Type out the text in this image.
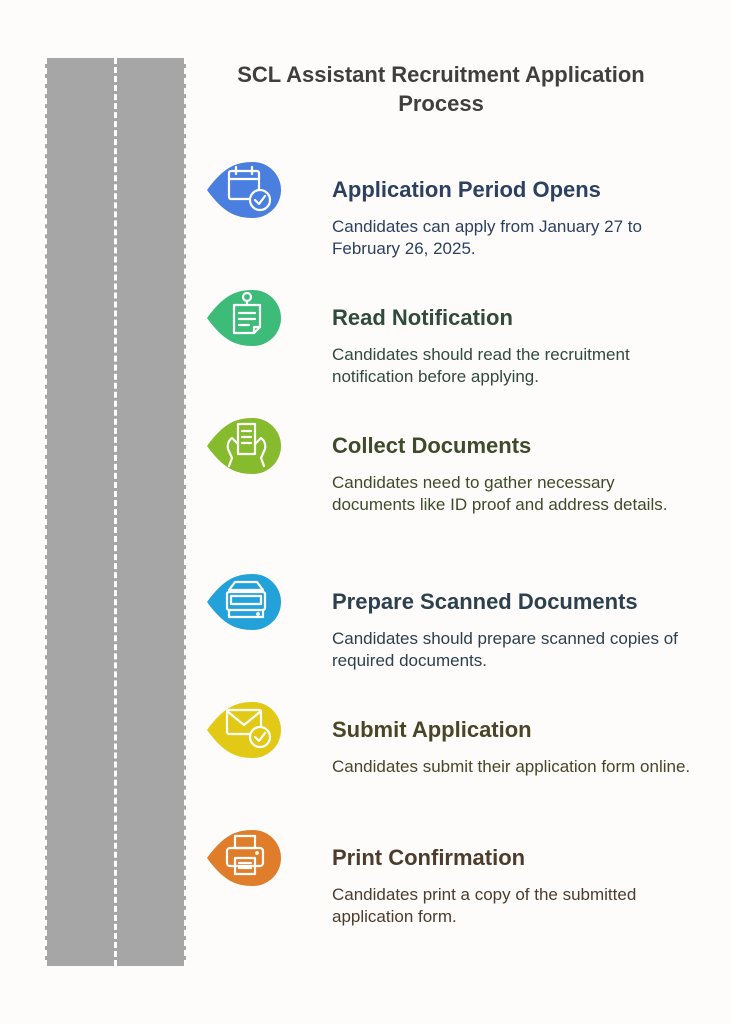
SCL Assistant Recruitment Application Process
Application Period Opens

Candidates can apply from January 27 to February 26, 2025.

Read Notification

Candidates should read the recruitment notification before applying.

Collect Documents

Candidates need to gather necessary documents like ID proof and address details.

Prepare Scanned Documents

Candidates should prepare scanned copies of required documents.

Submit Application

Candidates submit their application form online.

Print Confirmation

Candidates print a copy of the submitted application form.
